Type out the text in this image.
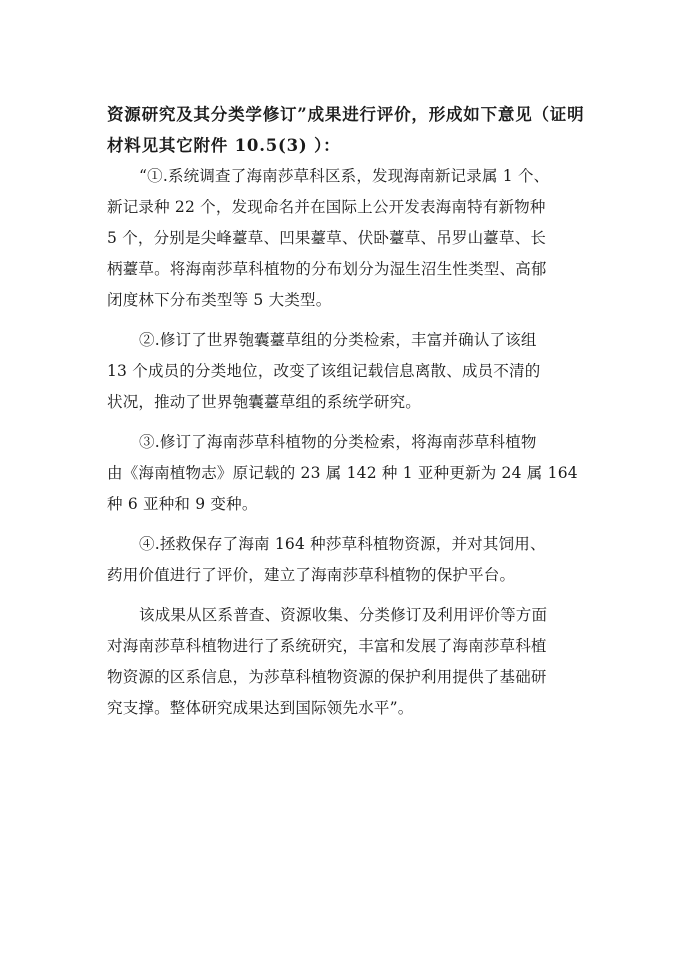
资源研究及其分类学修订”成果进行评价，形成如下意见（证明
材料见其它附件 10.5(3) ）：
“①.系统调查了海南莎草科区系，发现海南新记录属 1 个、
新记录种 22 个，发现命名并在国际上公开发表海南特有新物种
5 个，分别是尖峰薹草、凹果薹草、伏卧薹草、吊罗山薹草、长
柄薹草。将海南莎草科植物的分布划分为湿生沼生性类型、高郁
闭度林下分布类型等 5 大类型。
②.修订了世界匏囊薹草组的分类检索，丰富并确认了该组
13 个成员的分类地位，改变了该组记载信息离散、成员不清的
状况，推动了世界匏囊薹草组的系统学研究。
③.修订了海南莎草科植物的分类检索，将海南莎草科植物
由《海南植物志》原记载的 23 属 142 种 1 亚种更新为 24 属 164
种 6 亚种和 9 变种。
④.拯救保存了海南 164 种莎草科植物资源，并对其饲用、
药用价值进行了评价，建立了海南莎草科植物的保护平台。
该成果从区系普查、资源收集、分类修订及利用评价等方面
对海南莎草科植物进行了系统研究，丰富和发展了海南莎草科植
物资源的区系信息，为莎草科植物资源的保护利用提供了基础研
究支撑。整体研究成果达到国际领先水平”。
